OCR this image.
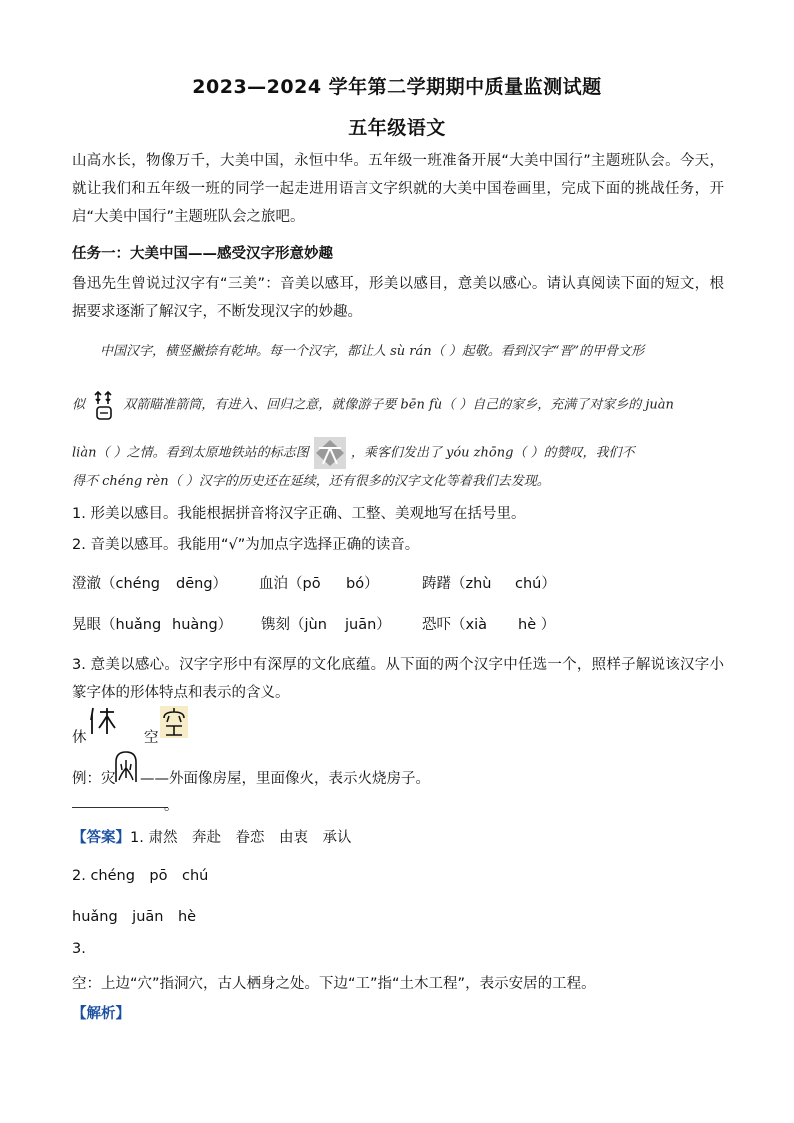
2023—2024 学年第二学期期中质量监测试题
五年级语文
山高水长，物像万千，大美中国，永恒中华。五年级一班准备开展“大美中国行”主题班队会。今天，就让我们和五年级一班的同学一起走进用语言文字织就的大美中国卷画里，完成下面的挑战任务，开启“大美中国行”主题班队会之旅吧。
任务一：大美中国——感受汉字形意妙趣
鲁迅先生曾说过汉字有“三美”：音美以感耳，形美以感目，意美以感心。请认真阅读下面的短文，根据要求逐渐了解汉字，不断发现汉字的妙趣。
中国汉字，横竖撇捺有乾坤。每一个汉字，都让人 sù rán（ ）起敬。看到汉字“晋”的甲骨文形
似	双箭瞄准箭筒，有进入、回归之意，就像游子要 bēn fù（ ）自己的家乡，充满了对家乡的 juàn
liàn（ ）之情。看到太原地铁站的标志图	，乘客们发出了 yóu zhōng（ ）的赞叹，我们不
得不 chéng rèn（ ）汉字的历史还在延续，还有很多的汉字文化等着我们去发现。
1. 形美以感目。我能根据拼音将汉字正确、工整、美观地写在括号里。
2. 音美以感耳。我能用“√”为加点字选择正确的读音。
澄澈（chéng dēng） 血泊（pō bó）	踌躇（zhù chú）
晃眼（huǎng huàng） 镌刻（jùn juān） 恐吓（xià hè ）
3. 意美以感心。汉字字形中有深厚的文化底蕴。从下面的两个汉字中任选一个，照样子解说该汉字小篆字体的形体特点和表示的含义。
休	空
例：灾 ——外面像房屋，里面像火，表示火烧房子。
。
【答案】1. 肃然　奔赴　眷恋　由衷　承认
2. chéng　pō　chú
huǎng　juān　hè
3.
空：上边“穴”指洞穴，古人栖身之处。下边“工”指“土木工程”，表示安居的工程。
【解析】
